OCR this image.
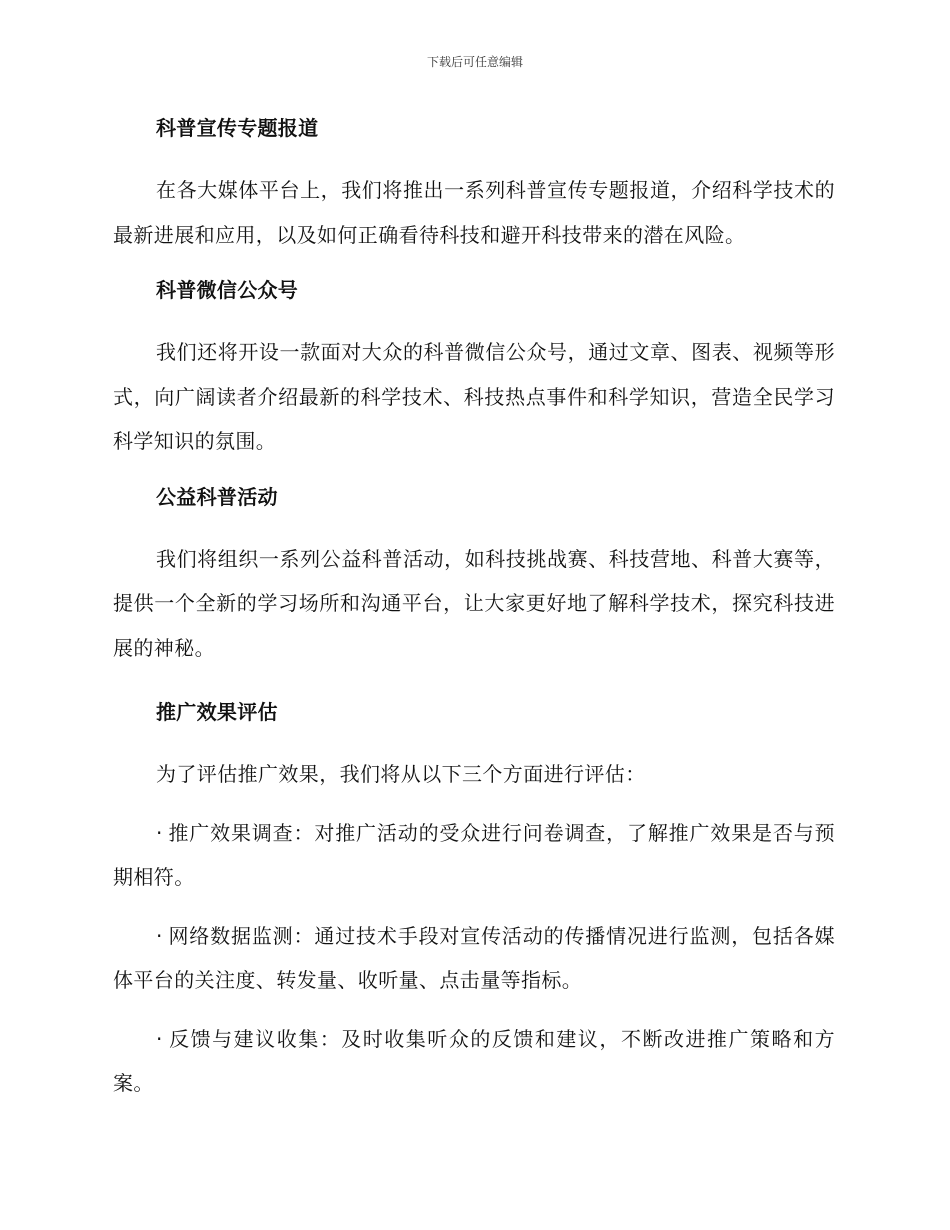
下载后可任意编辑
科普宣传专题报道

在各大媒体平台上，我们将推出一系列科普宣传专题报道，介绍科学技术的最新进展和应用，以及如何正确看待科技和避开科技带来的潜在风险。

科普微信公众号

我们还将开设一款面对大众的科普微信公众号，通过文章、图表、视频等形式，向广阔读者介绍最新的科学技术、科技热点事件和科学知识，营造全民学习科学知识的氛围。

公益科普活动

我们将组织一系列公益科普活动，如科技挑战赛、科技营地、科普大赛等，提供一个全新的学习场所和沟通平台，让大家更好地了解科学技术，探究科技进展的神秘。

推广效果评估

为了评估推广效果，我们将从以下三个方面进行评估：

· 推广效果调查：对推广活动的受众进行问卷调查，了解推广效果是否与预期相符。

· 网络数据监测：通过技术手段对宣传活动的传播情况进行监测，包括各媒体平台的关注度、转发量、收听量、点击量等指标。

· 反馈与建议收集：及时收集听众的反馈和建议，不断改进推广策略和方案。
